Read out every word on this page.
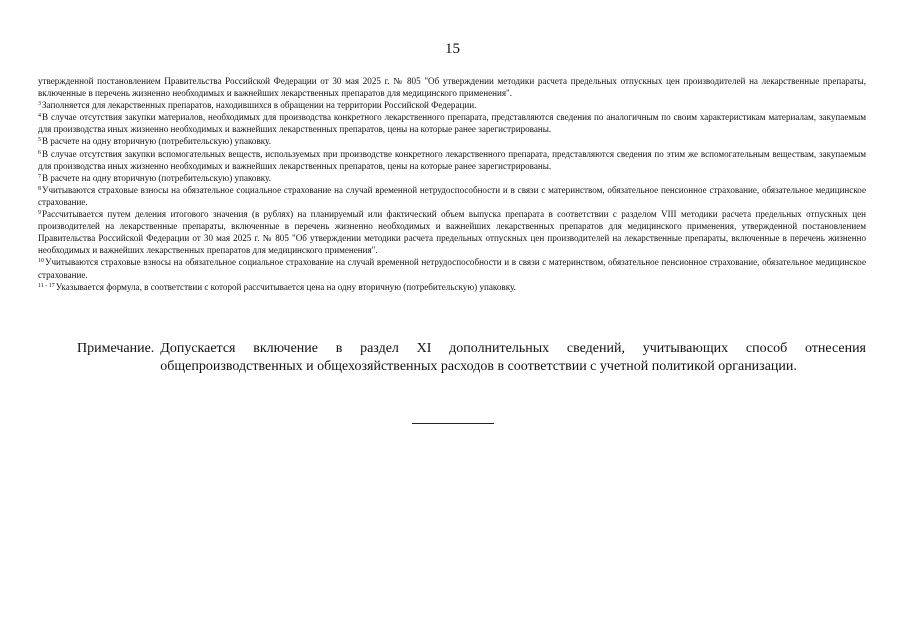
15

утвержденной постановлением Правительства Российской Федерации от 30 мая 2025 г. № 805 "Об утверждении методики расчета предельных отпускных цен производителей на лекарственные препараты, включенные в перечень жизненно необходимых и важнейших лекарственных препаратов для медицинского применения".

$^3$Заполняется для лекарственных препаратов, находившихся в обращении на территории Российской Федерации.

$^4$В случае отсутствия закупки материалов, необходимых для производства конкретного лекарственного препарата, представляются сведения по аналогичным по своим характеристикам материалам, закупаемым для производства иных жизненно необходимых и важнейших лекарственных препаратов, цены на которые ранее зарегистрированы.

$^5$В расчете на одну вторичную (потребительскую) упаковку.

$^6$В случае отсутствия закупки вспомогательных веществ, используемых при производстве конкретного лекарственного препарата, представляются сведения по этим же вспомогательным веществам, закупаемым для производства иных жизненно необходимых и важнейших лекарственных препаратов, цены на которые ранее зарегистрированы.

$^7$В расчете на одну вторичную (потребительскую) упаковку.

$^8$Учитываются страховые взносы на обязательное социальное страхование на случай временной нетрудоспособности и в связи с материнством, обязательное пенсионное страхование, обязательное медицинское страхование.

$^9$Рассчитывается путем деления итогового значения (в рублях) на планируемый или фактический объем выпуска препарата в соответствии с разделом VIII методики расчета предельных отпускных цен производителей на лекарственные препараты, включенные в перечень жизненно необходимых и важнейших лекарственных препаратов для медицинского применения, утвержденной постановлением Правительства Российской Федерации от 30 мая 2025 г. № 805 "Об утверждении методики расчета предельных отпускных цен производителей на лекарственные препараты, включенные в перечень жизненно необходимых и важнейших лекарственных препаратов для медицинского применения".

$^{10}$Учитываются страховые взносы на обязательное социальное страхование на случай временной нетрудоспособности и в связи с материнством, обязательное пенсионное страхование, обязательное медицинское страхование.

$^{11 - 17}$Указывается формула, в соответствии с которой рассчитывается цена на одну вторичную (потребительскую) упаковку.

Примечание. Допускается включение в раздел XI дополнительных сведений, учитывающих способ отнесения общепроизводственных и общехозяйственных расходов в соответствии с учетной политикой организации.
